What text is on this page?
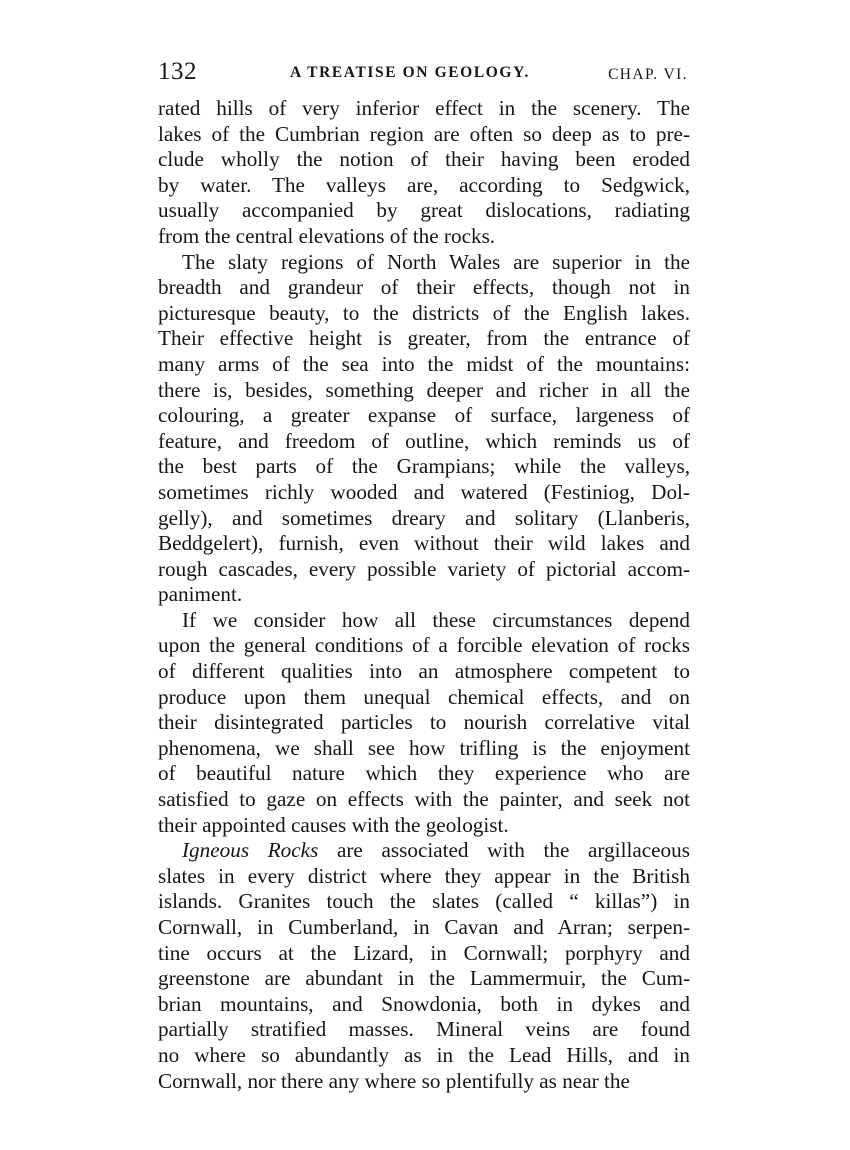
132	A TREATISE ON GEOLOGY.	CHAP. VI.
rated hills of very inferior effect in the scenery. The
lakes of the Cumbrian region are often so deep as to pre-
clude wholly the notion of their having been eroded
by water. The valleys are, according to Sedgwick,
usually accompanied by great dislocations, radiating
from the central elevations of the rocks.
The slaty regions of North Wales are superior in the
breadth and grandeur of their effects, though not in
picturesque beauty, to the districts of the English lakes.
Their effective height is greater, from the entrance of
many arms of the sea into the midst of the mountains:
there is, besides, something deeper and richer in all the
colouring, a greater expanse of surface, largeness of
feature, and freedom of outline, which reminds us of
the best parts of the Grampians; while the valleys,
sometimes richly wooded and watered (Festiniog, Dol-
gelly), and sometimes dreary and solitary (Llanberis,
Beddgelert), furnish, even without their wild lakes and
rough cascades, every possible variety of pictorial accom-
paniment.
If we consider how all these circumstances depend
upon the general conditions of a forcible elevation of rocks
of different qualities into an atmosphere competent to
produce upon them unequal chemical effects, and on
their disintegrated particles to nourish correlative vital
phenomena, we shall see how trifling is the enjoyment
of beautiful nature which they experience who are
satisfied to gaze on effects with the painter, and seek not
their appointed causes with the geologist.
Igneous Rocks are associated with the argillaceous
slates in every district where they appear in the British
islands. Granites touch the slates (called “ killas”) in
Cornwall, in Cumberland, in Cavan and Arran; serpen-
tine occurs at the Lizard, in Cornwall; porphyry and
greenstone are abundant in the Lammermuir, the Cum-
brian mountains, and Snowdonia, both in dykes and
partially stratified masses. Mineral veins are found
no where so abundantly as in the Lead Hills, and in
Cornwall, nor there any where so plentifully as near the
